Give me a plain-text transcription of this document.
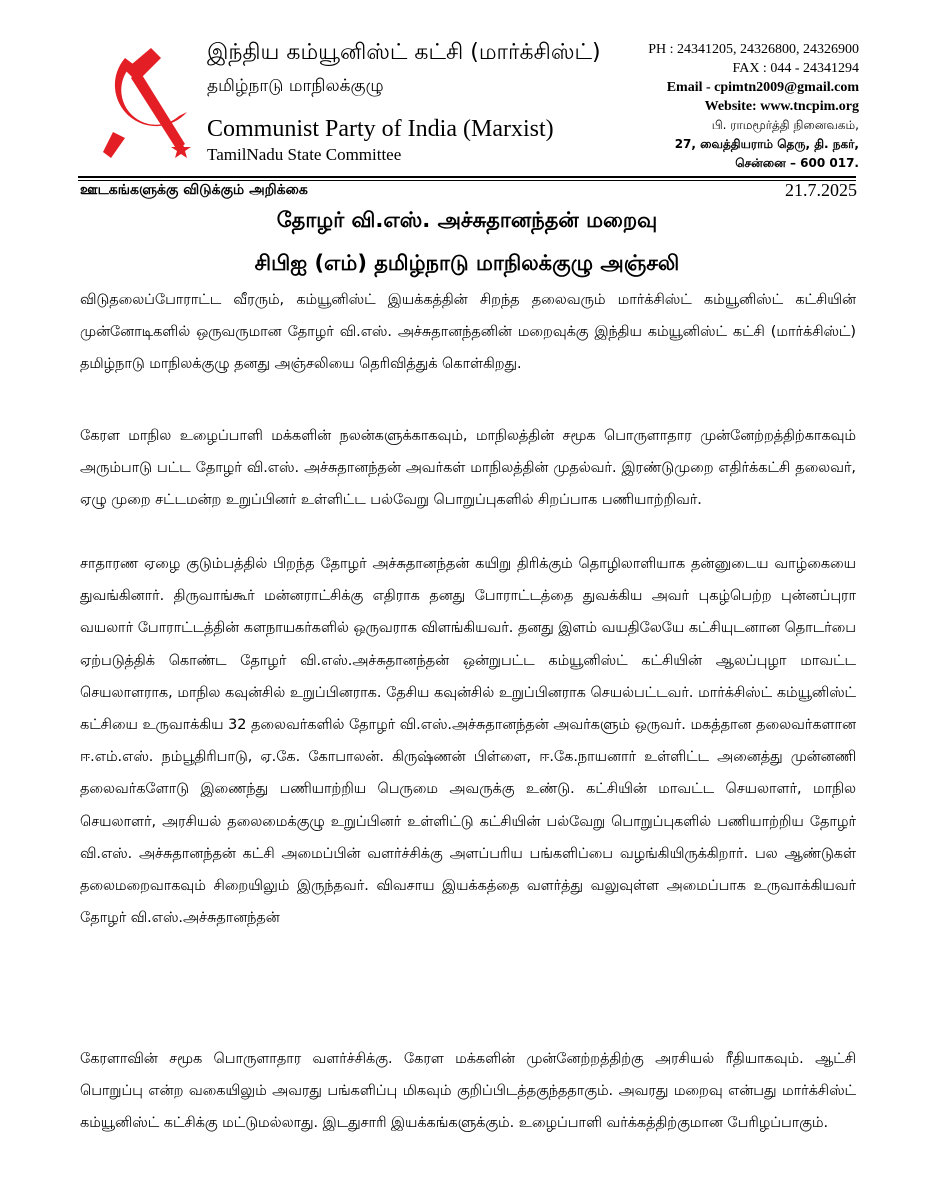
இந்திய கம்யூனிஸ்ட் கட்சி (மார்க்சிஸ்ட்)
தமிழ்நாடு மாநிலக்குழு
Communist Party of India (Marxist)
TamilNadu State Committee
PH : 24341205, 24326800, 24326900
FAX : 044 - 24341294
Email - cpimtn2009@gmail.com
Website: www.tncpim.org
பி. ராமமூர்த்தி நினைவகம்,
27, வைத்தியராம் தெரு, தி. நகர்,
சென்னை – 600 017.
ஊடகங்களுக்கு விடுக்கும் அறிக்கை	21.7.2025
தோழர் வி.எஸ். அச்சுதானந்தன் மறைவு
சிபிஐ (எம்) தமிழ்நாடு மாநிலக்குழு அஞ்சலி
விடுதலைப்போராட்ட வீரரும், கம்யூனிஸ்ட் இயக்கத்தின் சிறந்த தலைவரும் மார்க்சிஸ்ட் கம்யூனிஸ்ட் கட்சியின் முன்னோடிகளில் ஒருவருமான தோழர் வி.எஸ். அச்சுதானந்தனின் மறைவுக்கு இந்திய கம்யூனிஸ்ட் கட்சி (மார்க்சிஸ்ட்) தமிழ்நாடு மாநிலக்குழு தனது அஞ்சலியை தெரிவித்துக் கொள்கிறது.
கேரள மாநில உழைப்பாளி மக்களின் நலன்களுக்காகவும், மாநிலத்தின் சமூக பொருளாதார முன்னேற்றத்திற்காகவும் அரும்பாடு பட்ட தோழர் வி.எஸ். அச்சுதானந்தன் அவர்கள் மாநிலத்தின் முதல்வர். இரண்டுமுறை எதிர்க்கட்சி தலைவர், ஏழு முறை சட்டமன்ற உறுப்பினர் உள்ளிட்ட பல்வேறு பொறுப்புகளில் சிறப்பாக பணியாற்றிவர்.
சாதாரண ஏழை குடும்பத்தில் பிறந்த தோழர் அச்சுதானந்தன் கயிறு திரிக்கும் தொழிலாளியாக தன்னுடைய வாழ்கையை துவங்கினார். திருவாங்கூர் மன்னராட்சிக்கு எதிராக தனது போராட்டத்தை துவக்கிய அவர் புகழ்பெற்ற புன்னப்புரா வயலார் போராட்டத்தின் களநாயகர்களில் ஒருவராக விளங்கியவர். தனது இளம் வயதிலேயே கட்சியுடனான தொடர்பை ஏற்படுத்திக் கொண்ட தோழர் வி.எஸ்.அச்சுதானந்தன் ஒன்றுபட்ட கம்யூனிஸ்ட் கட்சியின் ஆலப்புழா மாவட்ட செயலாளராக, மாநில கவுன்சில் உறுப்பினராக. தேசிய கவுன்சில் உறுப்பினராக செயல்பட்டவர். மார்க்சிஸ்ட் கம்யூனிஸ்ட் கட்சியை உருவாக்கிய 32 தலைவர்களில் தோழர் வி.எஸ்.அச்சுதானந்தன் அவர்களும் ஒருவர். மகத்தான தலைவர்களான ஈ.எம்.எஸ். நம்பூதிரிபாடு, ஏ.கே. கோபாலன். கிருஷ்ணன் பிள்ளை, ஈ.கே.நாயனார் உள்ளிட்ட அனைத்து முன்னணி தலைவர்களோடு இணைந்து பணியாற்றிய பெருமை அவருக்கு உண்டு. கட்சியின் மாவட்ட செயலாளர், மாநில செயலாளர், அரசியல் தலைமைக்குழு உறுப்பினர் உள்ளிட்டு கட்சியின் பல்வேறு பொறுப்புகளில் பணியாற்றிய தோழர் வி.எஸ். அச்சுதானந்தன் கட்சி அமைப்பின் வளர்ச்சிக்கு அளப்பரிய பங்களிப்பை வழங்கியிருக்கிறார். பல ஆண்டுகள் தலைமறைவாகவும் சிறையிலும் இருந்தவர். விவசாய இயக்கத்தை வளர்த்து வலுவுள்ள அமைப்பாக உருவாக்கியவர் தோழர் வி.எஸ்.அச்சுதானந்தன்
கேரளாவின் சமூக பொருளாதார வளர்ச்சிக்கு. கேரள மக்களின் முன்னேற்றத்திற்கு அரசியல் ரீதியாகவும். ஆட்சி பொறுப்பு என்ற வகையிலும் அவரது பங்களிப்பு மிகவும் குறிப்பிடத்தகுந்ததாகும். அவரது மறைவு என்பது மார்க்சிஸ்ட் கம்யூனிஸ்ட் கட்சிக்கு மட்டுமல்லாது. இடதுசாரி இயக்கங்களுக்கும். உழைப்பாளி வர்க்கத்திற்குமான பேரிழப்பாகும்.
